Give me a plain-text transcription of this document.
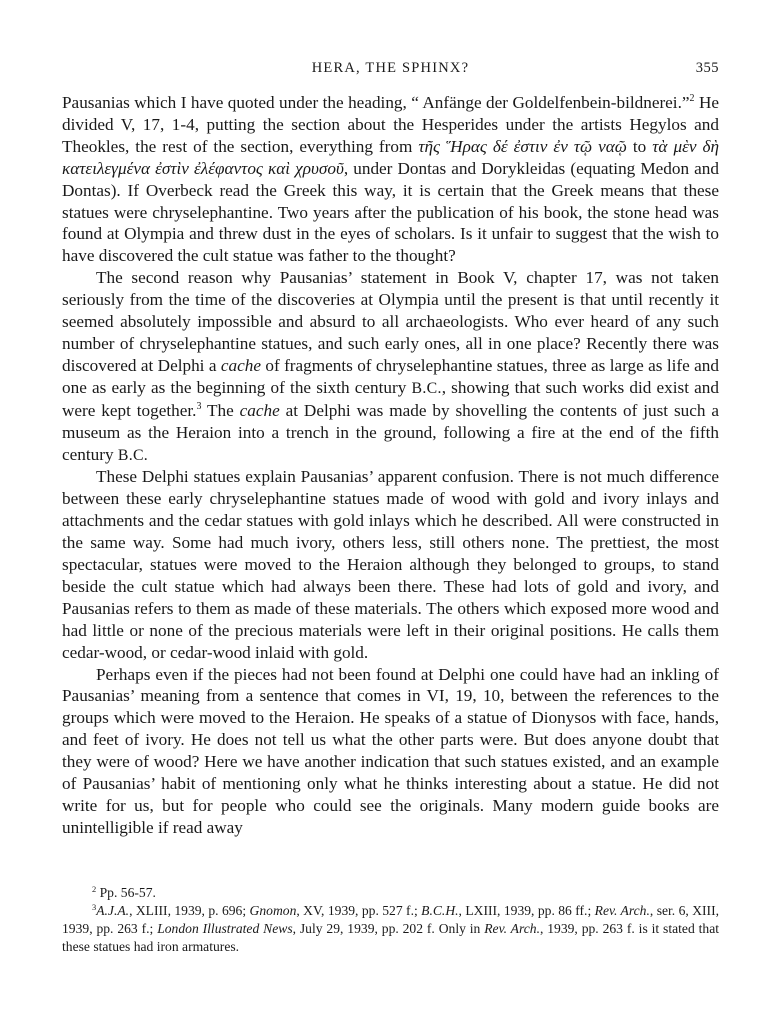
HERA, THE SPHINX?	355

Pausanias which I have quoted under the heading, “ Anfänge der Goldelfenbein-bildnerei.”$^2$ He divided V, 17, 1-4, putting the section about the Hesperides under the artists Hegylos and Theokles, the rest of the section, everything from τῆς Ἥρας δέ ἐστιν ἐν τῷ ναῷ to τὰ μὲν δὴ κατειλεγμένα ἐστὶν ἐλέφαντος καὶ χρυσοῦ, under Dontas and Dorykleidas (equating Medon and Dontas). If Overbeck read the Greek this way, it is certain that the Greek means that these statues were chryselephantine. Two years after the publication of his book, the stone head was found at Olympia and threw dust in the eyes of scholars. Is it unfair to suggest that the wish to have discovered the cult statue was father to the thought?

The second reason why Pausanias’ statement in Book V, chapter 17, was not taken seriously from the time of the discoveries at Olympia until the present is that until recently it seemed absolutely impossible and absurd to all archaeologists. Who ever heard of any such number of chryselephantine statues, and such early ones, all in one place? Recently there was discovered at Delphi a cache of fragments of chryselephantine statues, three as large as life and one as early as the beginning of the sixth century B.C., showing that such works did exist and were kept together.$^3$ The cache at Delphi was made by shovelling the contents of just such a museum as the Heraion into a trench in the ground, following a fire at the end of the fifth century B.C.

These Delphi statues explain Pausanias’ apparent confusion. There is not much difference between these early chryselephantine statues made of wood with gold and ivory inlays and attachments and the cedar statues with gold inlays which he described. All were constructed in the same way. Some had much ivory, others less, still others none. The prettiest, the most spectacular, statues were moved to the Heraion although they belonged to groups, to stand beside the cult statue which had always been there. These had lots of gold and ivory, and Pausanias refers to them as made of these materials. The others which exposed more wood and had little or none of the precious materials were left in their original positions. He calls them cedar-wood, or cedar-wood inlaid with gold.

Perhaps even if the pieces had not been found at Delphi one could have had an inkling of Pausanias’ meaning from a sentence that comes in VI, 19, 10, between the references to the groups which were moved to the Heraion. He speaks of a statue of Dionysos with face, hands, and feet of ivory. He does not tell us what the other parts were. But does anyone doubt that they were of wood? Here we have another indication that such statues existed, and an example of Pausanias’ habit of mentioning only what he thinks interesting about a statue. He did not write for us, but for people who could see the originals. Many modern guide books are unintelligible if read away

$^2$ Pp. 56-57.

$^3$A.J.A., XLIII, 1939, p. 696; Gnomon, XV, 1939, pp. 527 f.; B.C.H., LXIII, 1939, pp. 86 ff.; Rev. Arch., ser. 6, XIII, 1939, pp. 263 f.; London Illustrated News, July 29, 1939, pp. 202 f. Only in Rev. Arch., 1939, pp. 263 f. is it stated that these statues had iron armatures.
